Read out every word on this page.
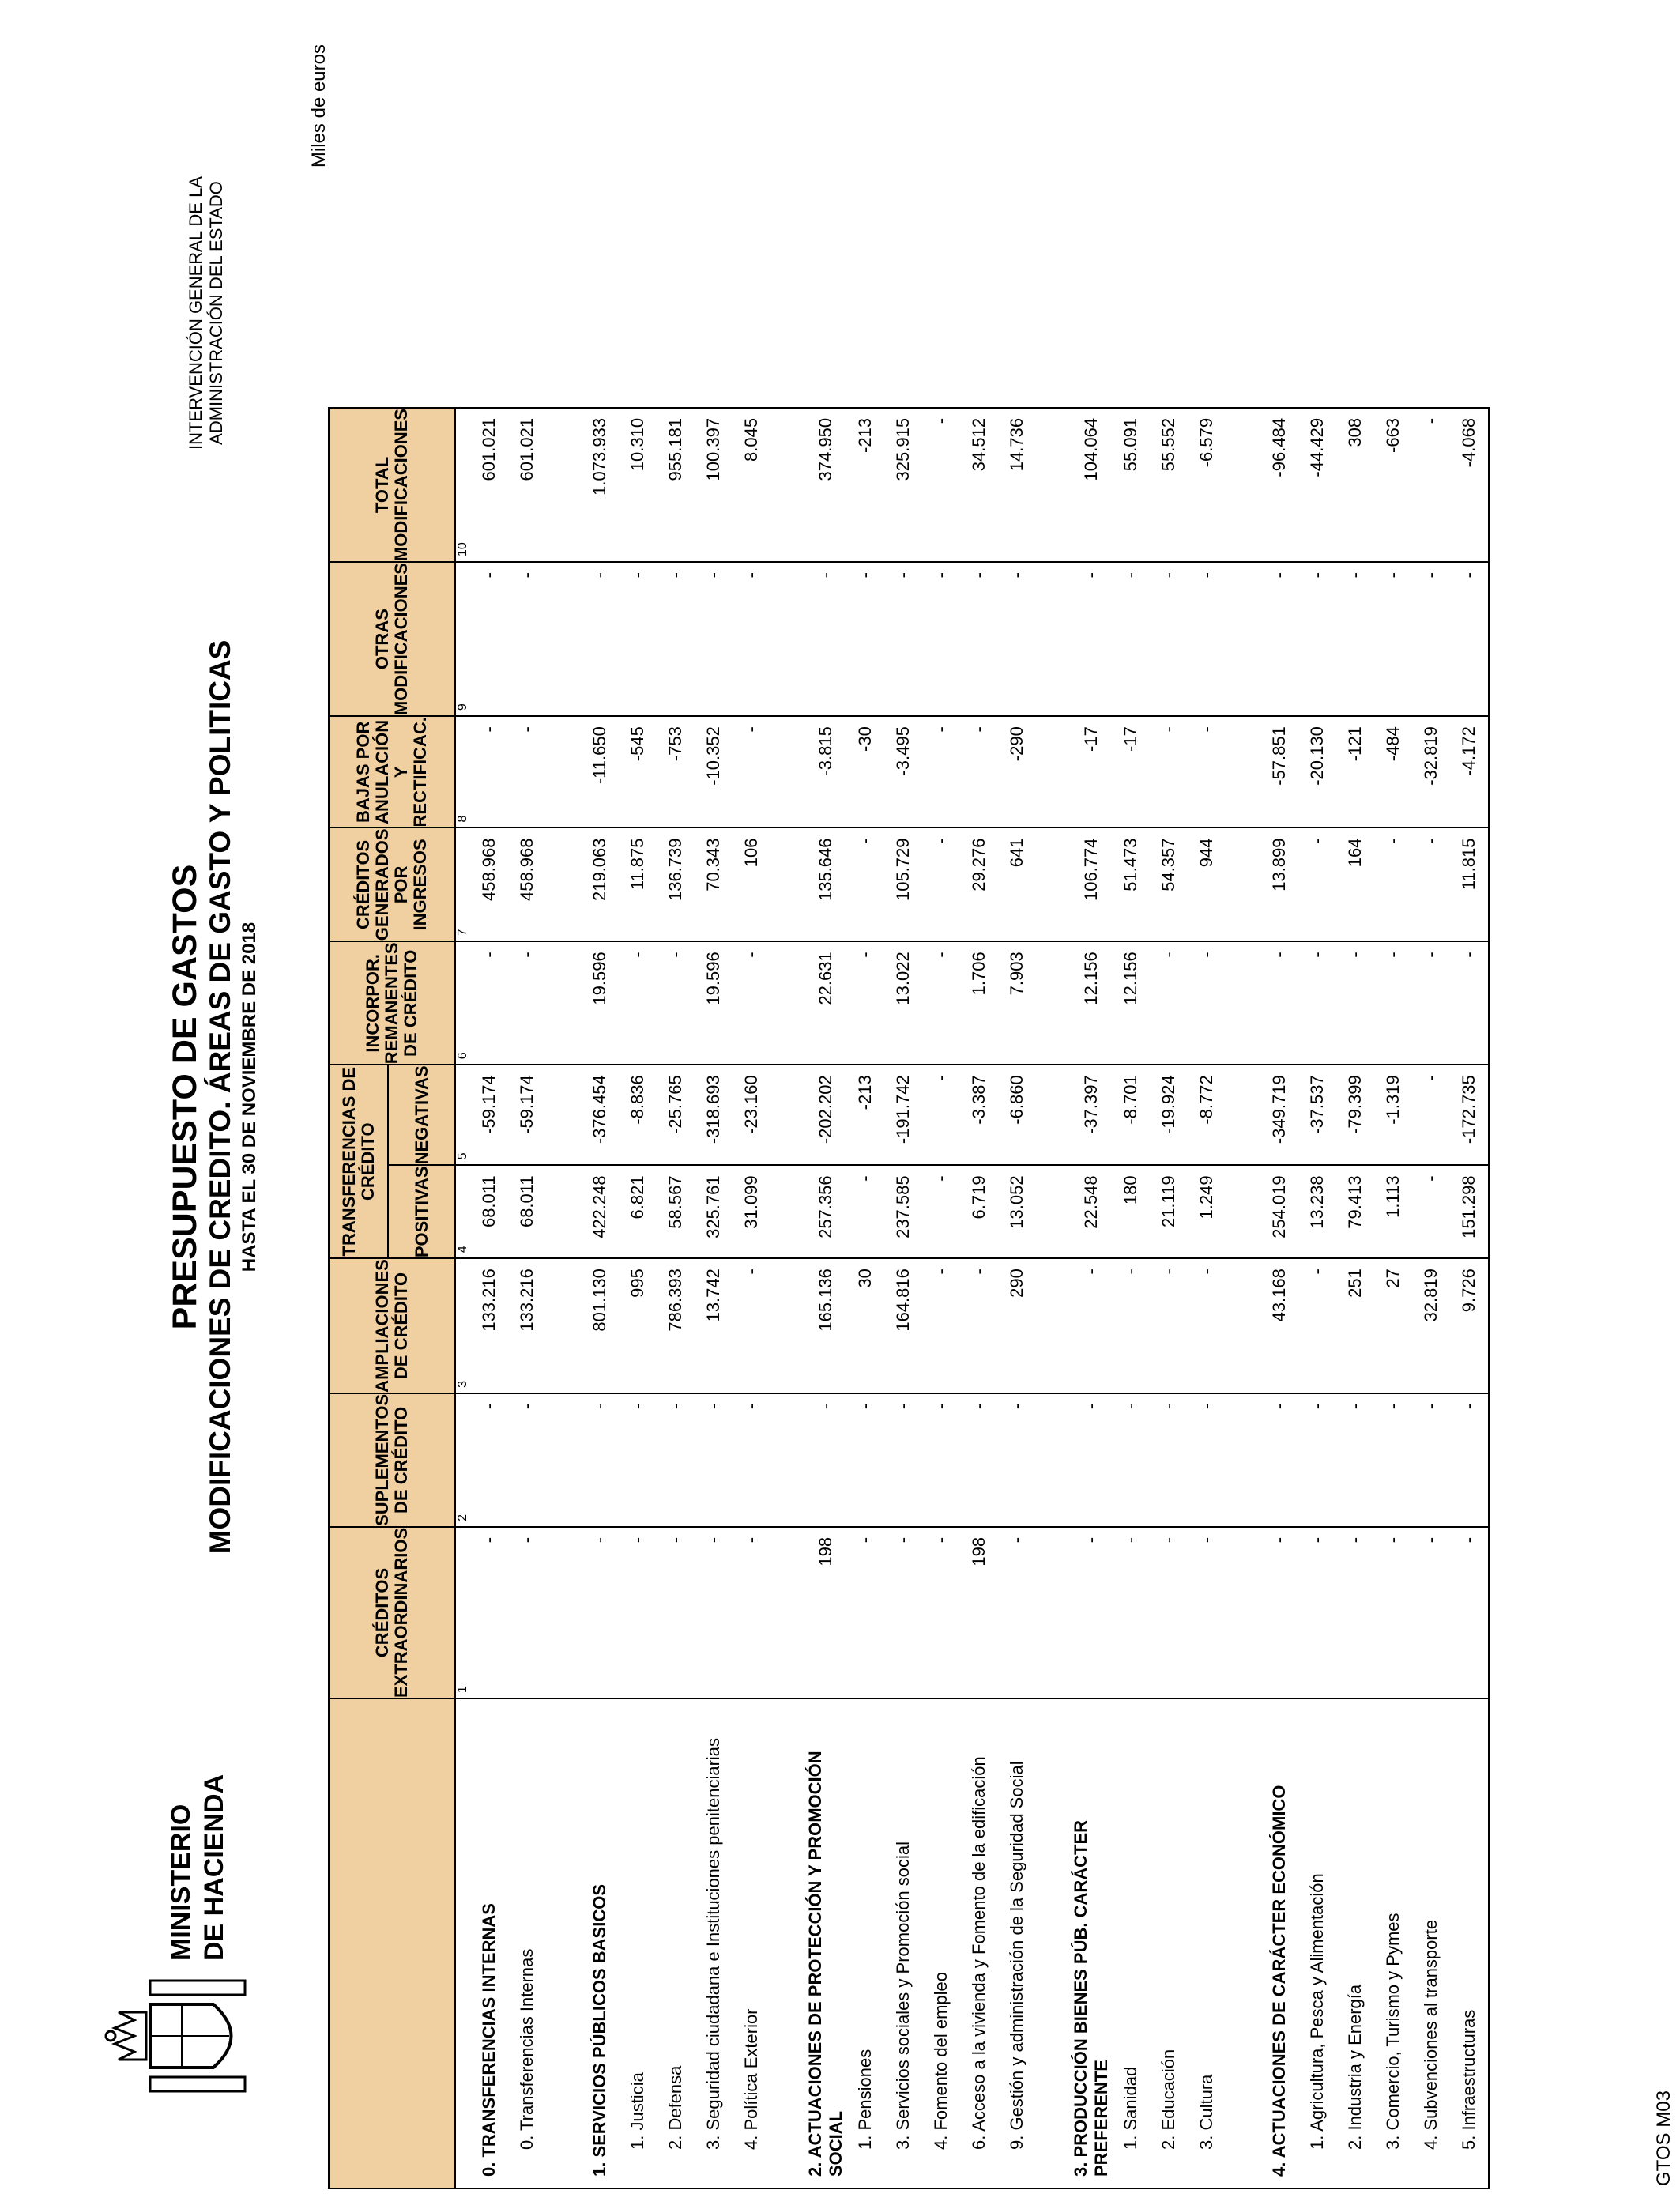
MINISTERIO DE HACIENDA
PRESUPUESTO DE GASTOS MODIFICACIONES DE CREDITO. ÁREAS DE GASTO Y POLITICAS HASTA EL 30 DE NOVIEMBRE DE 2018
INTERVENCIÓN GENERAL DE LA ADMINISTRACIÓN DEL ESTADO
Miles de euros
	CRÉDITOS EXTRAORDINARIOS	SUPLEMENTOS DE CRÉDITO	AMPLIACIONES DE CRÉDITO	TRANSFERENCIAS DE CRÉDITO		INCORPOR. REMANENTES DE CRÉDITO	CRÉDITOS GENERADOS POR INGRESOS	BAJAS POR ANULACIÓN Y RECTIFICAC.	OTRAS MODIFICACIONES	TOTAL MODIFICACIONES
				POSITIVAS	NEGATIVAS					
	1	2	3	4	5	6	7	8	9	10
0. TRANSFERENCIAS INTERNAS	-	-	133.216	68.011	-59.174	-	458.968	-	-	601.021
0. Transferencias Internas	-	-	133.216	68.011	-59.174	-	458.968	-	-	601.021

1. SERVICIOS PÚBLICOS BASICOS	-	-	801.130	422.248	-376.454	19.596	219.063	-11.650	-	1.073.933
1. Justicia	-	-	995	6.821	-8.836	-	11.875	-545	-	10.310
2. Defensa	-	-	786.393	58.567	-25.765	-	136.739	-753	-	955.181
3. Seguridad ciudadana e Instituciones penitenciarias	-	-	13.742	325.761	-318.693	19.596	70.343	-10.352	-	100.397
4. Política Exterior	-	-	-	31.099	-23.160	-	106	-	-	8.045

2. ACTUACIONES DE PROTECCIÓN Y PROMOCIÓN SOCIAL	198	-	165.136	257.356	-202.202	22.631	135.646	-3.815	-	374.950
1. Pensiones	-	-	30	-	-213	-	-	-30	-	-213
3. Servicios sociales y Promoción social	-	-	164.816	237.585	-191.742	13.022	105.729	-3.495	-	325.915
4. Fomento del empleo	-	-	-	-	-	-	-	-	-	-
6. Acceso a la vivienda y Fomento de la edificación	198	-	-	6.719	-3.387	1.706	29.276	-	-	34.512
9. Gestión y administración de la Seguridad Social	-	-	290	13.052	-6.860	7.903	641	-290	-	14.736

3. PRODUCCIÓN BIENES PÚB. CARÁCTER PREFERENTE	-	-	-	22.548	-37.397	12.156	106.774	-17	-	104.064
1. Sanidad	-	-	-	180	-8.701	12.156	51.473	-17	-	55.091
2. Educación	-	-	-	21.119	-19.924	-	54.357	-	-	55.552
3. Cultura	-	-	-	1.249	-8.772	-	944	-	-	-6.579

4. ACTUACIONES DE CARÁCTER ECONÓMICO	-	-	43.168	254.019	-349.719	-	13.899	-57.851	-	-96.484
1. Agricultura, Pesca y Alimentación	-	-	-	13.238	-37.537	-	-	-20.130	-	-44.429
2. Industria y Energía	-	-	251	79.413	-79.399	-	164	-121	-	308
3. Comercio, Turismo y Pymes	-	-	27	1.113	-1.319	-	-	-484	-	-663
4. Subvenciones al transporte	-	-	32.819	-	-	-	-	-32.819	-	-
5. Infraestructuras	-	-	9.726	151.298	-172.735	-	11.815	-4.172	-	-4.068
GTOS M03
